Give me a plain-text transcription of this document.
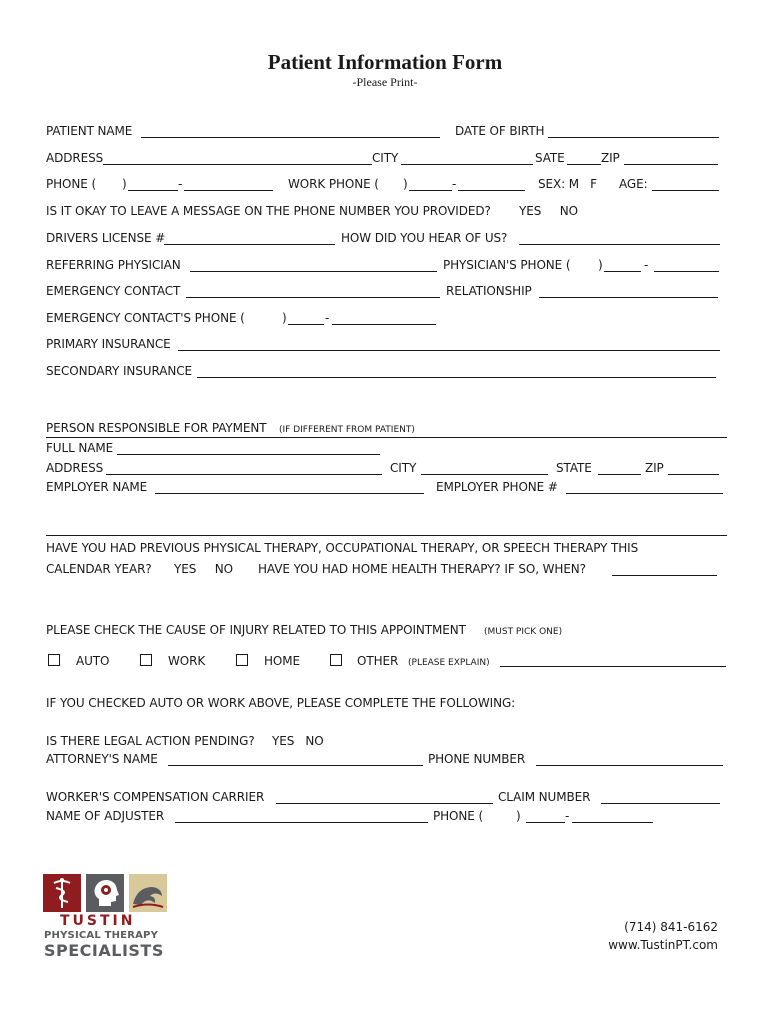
Patient Information Form
-Please Print-
PATIENT NAME	DATE OF BIRTH
ADDRESS	CITY	SATE	ZIP
PHONE ( )	-	WORK PHONE ( )	-	SEX: M   F AGE:
IS IT OKAY TO LEAVE A MESSAGE ON THE PHONE NUMBER YOU PROVIDED? YES     NO
DRIVERS LICENSE #	HOW DID YOU HEAR OF US?
REFERRING PHYSICIAN	PHYSICIAN'S PHONE ( )	-
EMERGENCY CONTACT	RELATIONSHIP
EMERGENCY CONTACT'S PHONE (	)	-
PRIMARY INSURANCE
SECONDARY INSURANCE
PERSON RESPONSIBLE FOR PAYMENT (IF DIFFERENT FROM PATIENT)
FULL NAME
ADDRESS	CITY	STATE	ZIP
EMPLOYER NAME	EMPLOYER PHONE #
HAVE YOU HAD PREVIOUS PHYSICAL THERAPY, OCCUPATIONAL THERAPY, OR SPEECH THERAPY THIS
CALENDAR YEAR? YES     NO HAVE YOU HAD HOME HEALTH THERAPY? IF SO, WHEN?
PLEASE CHECK THE CAUSE OF INJURY RELATED TO THIS APPOINTMENT (MUST PICK ONE)
AUTO	WORK	HOME	OTHER (PLEASE EXPLAIN)
IF YOU CHECKED AUTO OR WORK ABOVE, PLEASE COMPLETE THE FOLLOWING:
IS THERE LEGAL ACTION PENDING? YES   NO
ATTORNEY'S NAME	PHONE NUMBER
WORKER'S COMPENSATION CARRIER	CLAIM NUMBER
NAME OF ADJUSTER	PHONE (	)	-
TUSTIN
PHYSICAL THERAPY
SPECIALISTS
(714) 841-6162
www.TustinPT.com
